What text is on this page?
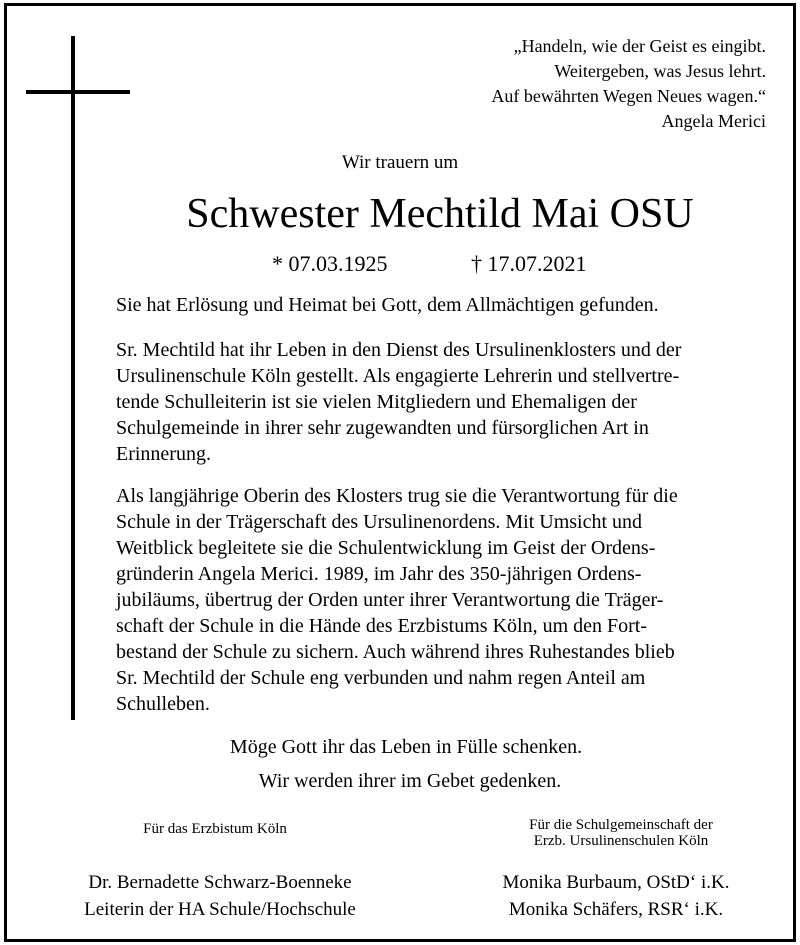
„Handeln, wie der Geist es eingibt.
Weitergeben, was Jesus lehrt.
Auf bewährten Wegen Neues wagen.“
Angela Merici
Wir trauern um
Schwester Mechtild Mai OSU
* 07.03.1925	† 17.07.2021
Sie hat Erlösung und Heimat bei Gott, dem Allmächtigen gefunden.
Sr. Mechtild hat ihr Leben in den Dienst des Ursulinenklosters und der
Ursulinenschule Köln gestellt. Als engagierte Lehrerin und stellvertre-
tende Schulleiterin ist sie vielen Mitgliedern und Ehemaligen der
Schulgemeinde in ihrer sehr zugewandten und fürsorglichen Art in
Erinnerung.
Als langjährige Oberin des Klosters trug sie die Verantwortung für die
Schule in der Trägerschaft des Ursulinenordens. Mit Umsicht und
Weitblick begleitete sie die Schulentwicklung im Geist der Ordens-
gründerin Angela Merici. 1989, im Jahr des 350-jährigen Ordens-
jubiläums, übertrug der Orden unter ihrer Verantwortung die Träger-
schaft der Schule in die Hände des Erzbistums Köln, um den Fort-
bestand der Schule zu sichern. Auch während ihres Ruhestandes blieb
Sr. Mechtild der Schule eng verbunden und nahm regen Anteil am
Schulleben.
Möge Gott ihr das Leben in Fülle schenken.
Wir werden ihrer im Gebet gedenken.
Für das Erzbistum Köln	Für die Schulgemeinschaft der
Erzb. Ursulinenschulen Köln
Dr. Bernadette Schwarz-Boenneke
Leiterin der HA Schule/Hochschule
Monika Burbaum, OStD‘ i.K.
Monika Schäfers, RSR‘ i.K.
